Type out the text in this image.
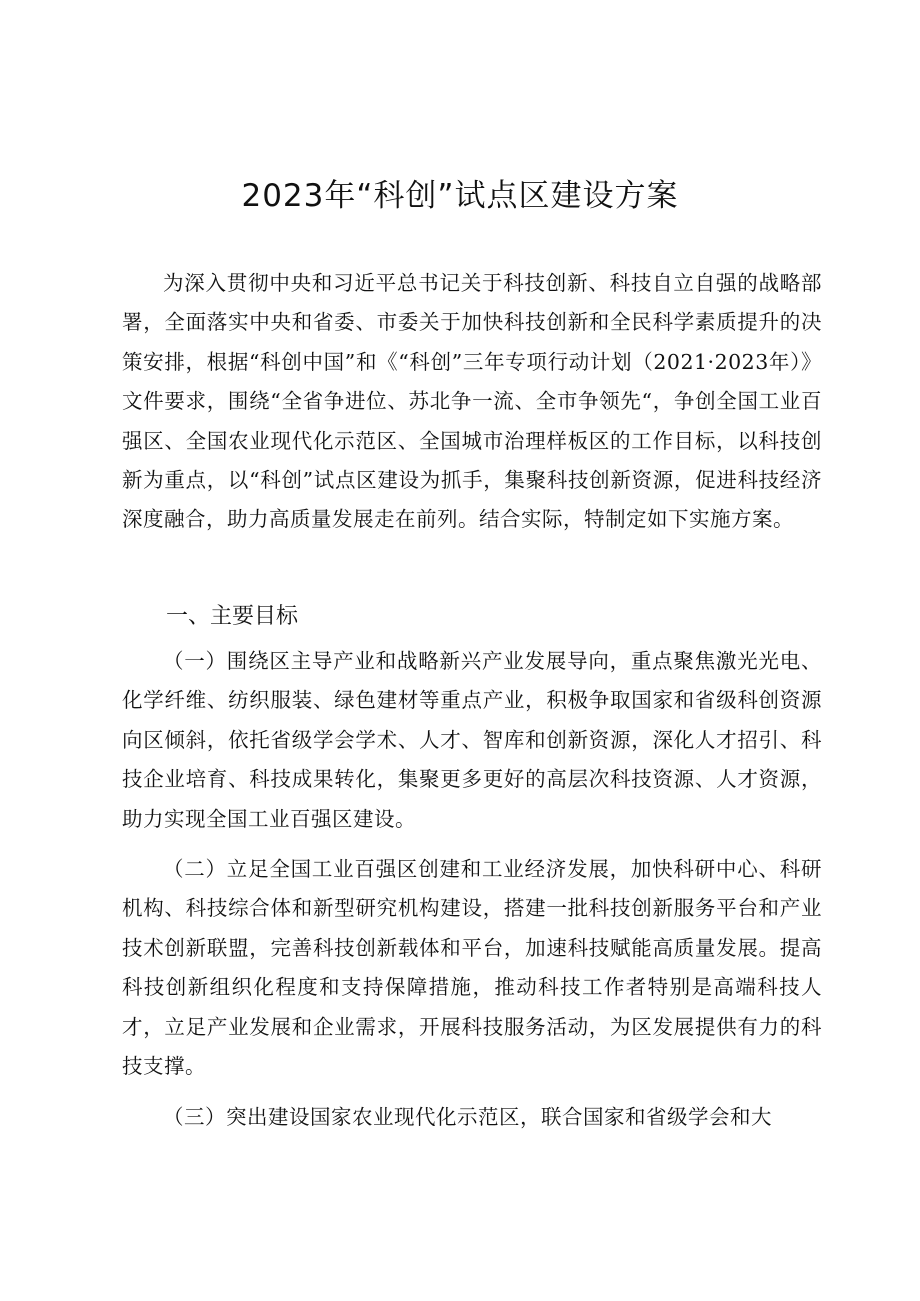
2023年“科创”试点区建设方案

为深入贯彻中央和习近平总书记关于科技创新、科技自立自强的战略部署，全面落实中央和省委、市委关于加快科技创新和全民科学素质提升的决策安排，根据“科创中国”和《“科创”三年专项行动计划（2021·2023年）》文件要求，围绕“全省争进位、苏北争一流、全市争领先“，争创全国工业百强区、全国农业现代化示范区、全国城市治理样板区的工作目标，以科技创新为重点，以“科创”试点区建设为抓手，集聚科技创新资源，促进科技经济深度融合，助力高质量发展走在前列。结合实际，特制定如下实施方案。

一、主要目标

（一）围绕区主导产业和战略新兴产业发展导向，重点聚焦激光光电、化学纤维、纺织服装、绿色建材等重点产业，积极争取国家和省级科创资源向区倾斜，依托省级学会学术、人才、智库和创新资源，深化人才招引、科技企业培育、科技成果转化，集聚更多更好的高层次科技资源、人才资源，助力实现全国工业百强区建设。

（二）立足全国工业百强区创建和工业经济发展，加快科研中心、科研机构、科技综合体和新型研究机构建设，搭建一批科技创新服务平台和产业技术创新联盟，完善科技创新载体和平台，加速科技赋能高质量发展。提高科技创新组织化程度和支持保障措施，推动科技工作者特别是高端科技人才，立足产业发展和企业需求，开展科技服务活动，为区发展提供有力的科技支撑。

（三）突出建设国家农业现代化示范区，联合国家和省级学会和大
